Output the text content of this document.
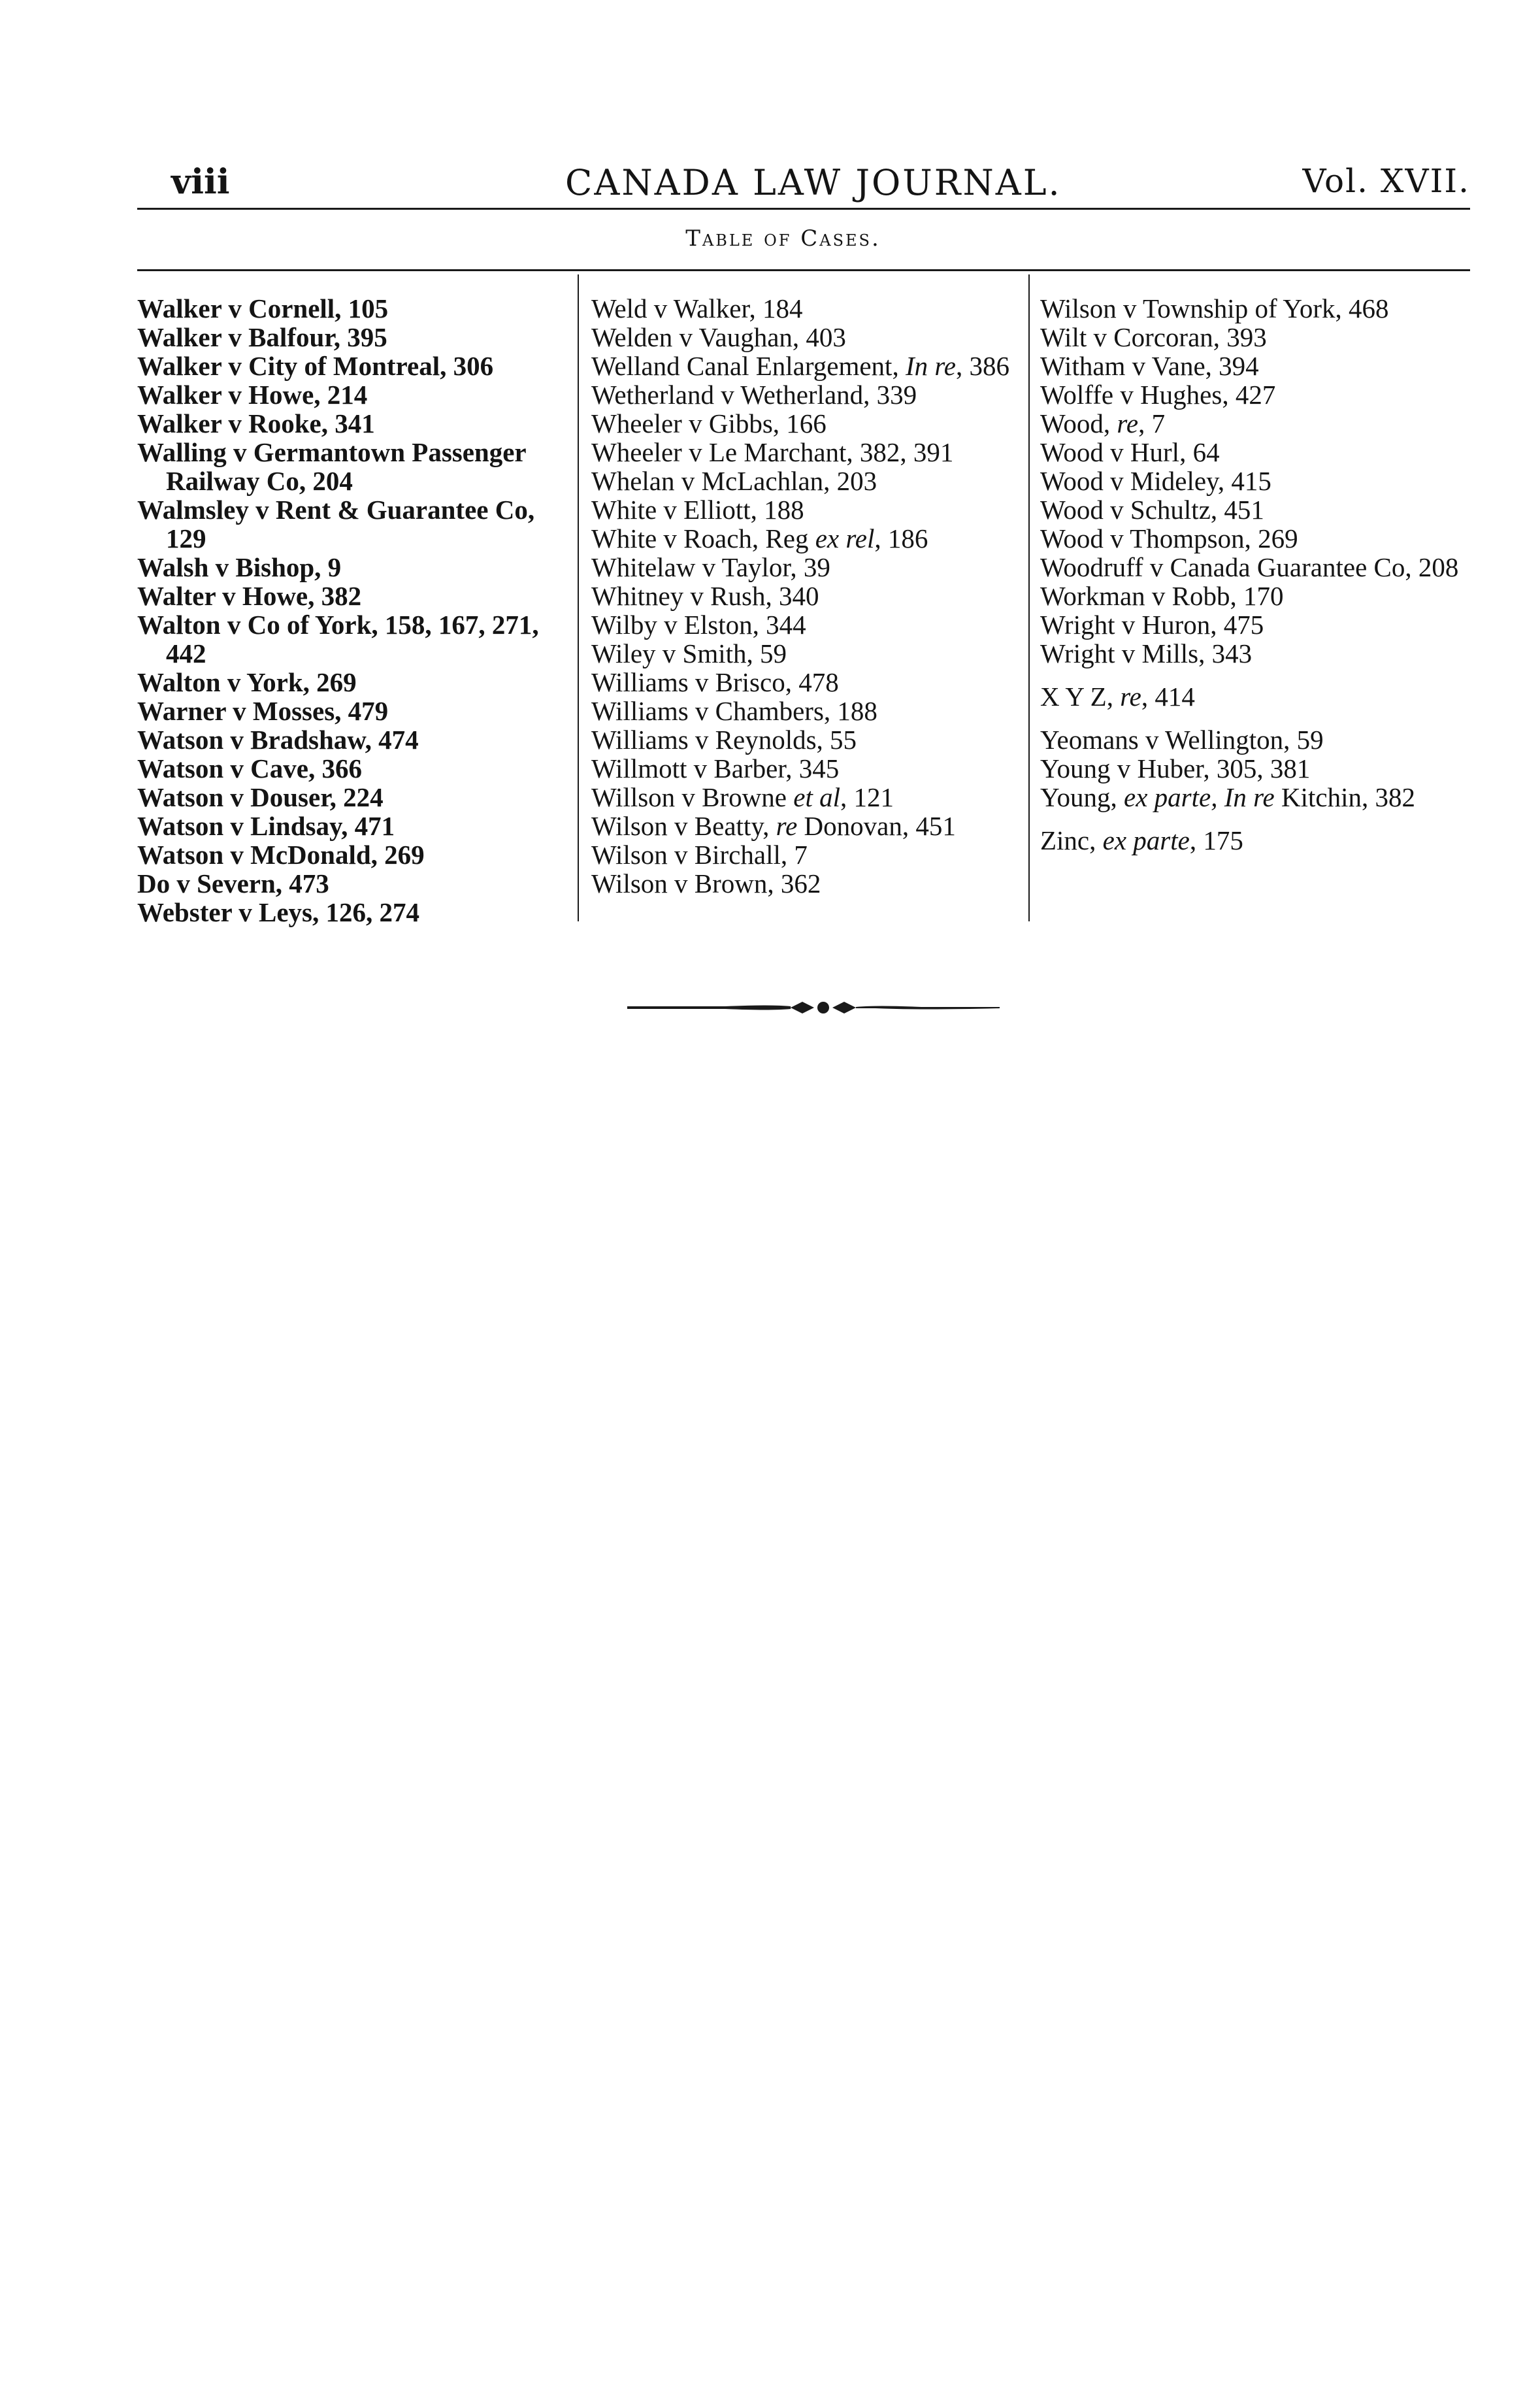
viii	CANADA LAW JOURNAL.	Vol. XVII.
Table of Cases.

Walker v Cornell, 105

Walker v Balfour, 395

Walker v City of Montreal, 306

Walker v Howe, 214

Walker v Rooke, 341

Walling v Germantown Passenger Railway Co, 204

Walmsley v Rent & Guarantee Co, 129

Walsh v Bishop, 9

Walter v Howe, 382

Walton v Co of York, 158, 167, 271, 442

Walton v York, 269

Warner v Mosses, 479

Watson v Bradshaw, 474

Watson v Cave, 366

Watson v Douser, 224

Watson v Lindsay, 471

Watson v McDonald, 269

Do v Severn, 473

Webster v Leys, 126, 274

Weld v Walker, 184

Welden v Vaughan, 403

Welland Canal Enlargement, In re, 386

Wetherland v Wetherland, 339

Wheeler v Gibbs, 166

Wheeler v Le Marchant, 382, 391

Whelan v McLachlan, 203

White v Elliott, 188

White v Roach, Reg ex rel, 186

Whitelaw v Taylor, 39

Whitney v Rush, 340

Wilby v Elston, 344

Wiley v Smith, 59

Williams v Brisco, 478

Williams v Chambers, 188

Williams v Reynolds, 55

Willmott v Barber, 345

Willson v Browne et al, 121

Wilson v Beatty, re Donovan, 451

Wilson v Birchall, 7

Wilson v Brown, 362

Wilson v Township of York, 468

Wilt v Corcoran, 393

Witham v Vane, 394

Wolffe v Hughes, 427

Wood, re, 7

Wood v Hurl, 64

Wood v Mideley, 415

Wood v Schultz, 451

Wood v Thompson, 269

Woodruff v Canada Guarantee Co, 208

Workman v Robb, 170

Wright v Huron, 475

Wright v Mills, 343

X Y Z, re, 414

Yeomans v Wellington, 59

Young v Huber, 305, 381

Young, ex parte, In re Kitchin, 382

Zinc, ex parte, 175
